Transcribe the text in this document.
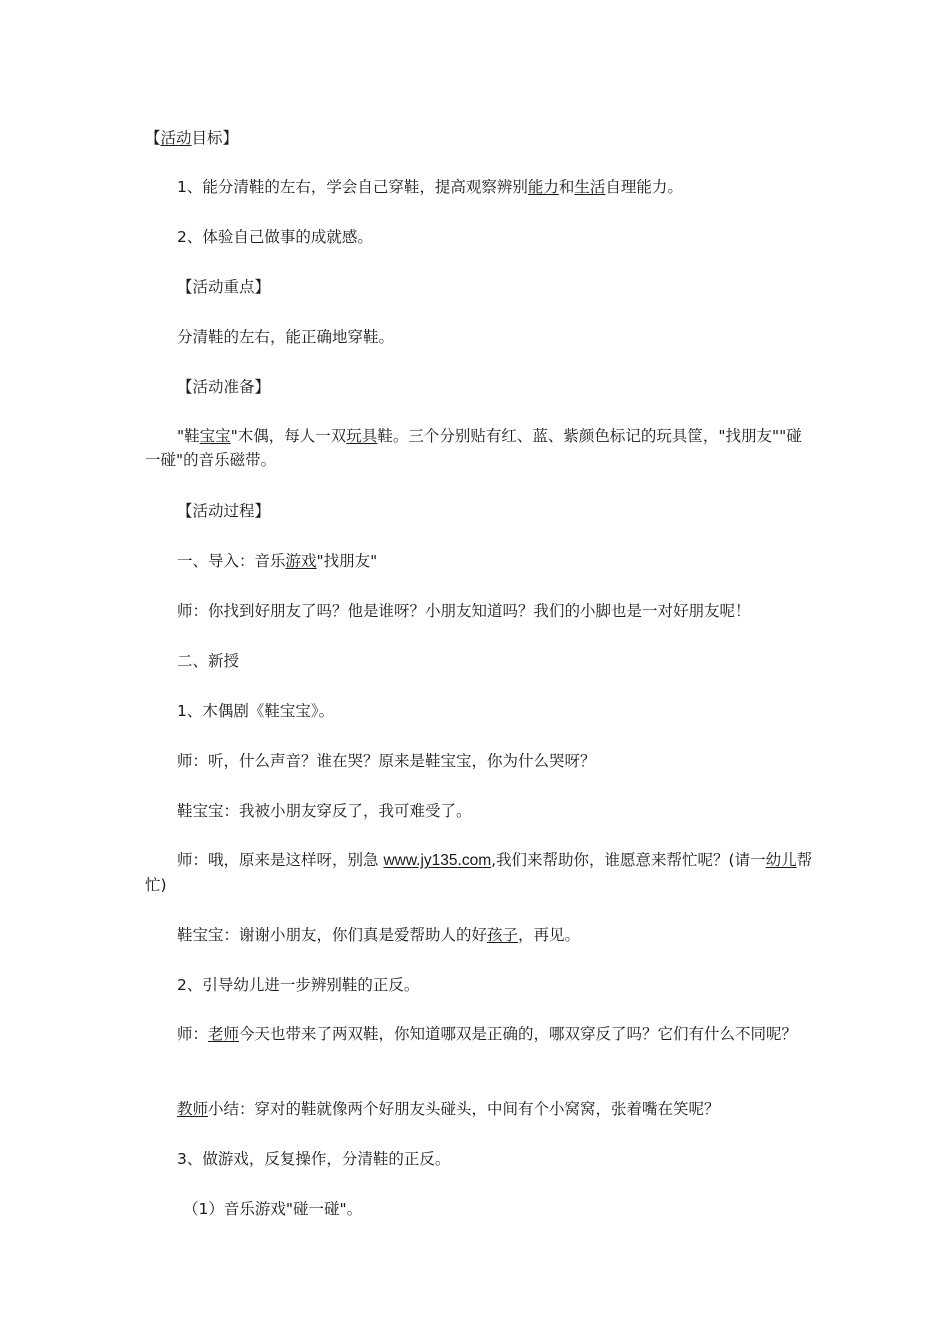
【活动目标】
1、能分清鞋的左右，学会自己穿鞋，提高观察辨别能力和生活自理能力。
2、体验自己做事的成就感。
【活动重点】
分清鞋的左右，能正确地穿鞋。
【活动准备】
"鞋宝宝"木偶，每人一双玩具鞋。三个分别贴有红、蓝、紫颜色标记的玩具筐，"找朋友""碰一碰"的音乐磁带。
【活动过程】
一、导入：音乐游戏"找朋友"
师：你找到好朋友了吗？他是谁呀？小朋友知道吗？我们的小脚也是一对好朋友呢！
二、新授
1、木偶剧《鞋宝宝》。
师：听，什么声音？谁在哭？原来是鞋宝宝，你为什么哭呀？
鞋宝宝：我被小朋友穿反了，我可难受了。
师：哦，原来是这样呀，别急 www.jy135.com,我们来帮助你，谁愿意来帮忙呢？(请一幼儿帮忙)
鞋宝宝：谢谢小朋友，你们真是爱帮助人的好孩子，再见。
2、引导幼儿进一步辨别鞋的正反。
师：老师今天也带来了两双鞋，你知道哪双是正确的，哪双穿反了吗？它们有什么不同呢？
教师小结：穿对的鞋就像两个好朋友头碰头，中间有个小窝窝，张着嘴在笑呢？
3、做游戏，反复操作，分清鞋的正反。
（1）音乐游戏"碰一碰"。
